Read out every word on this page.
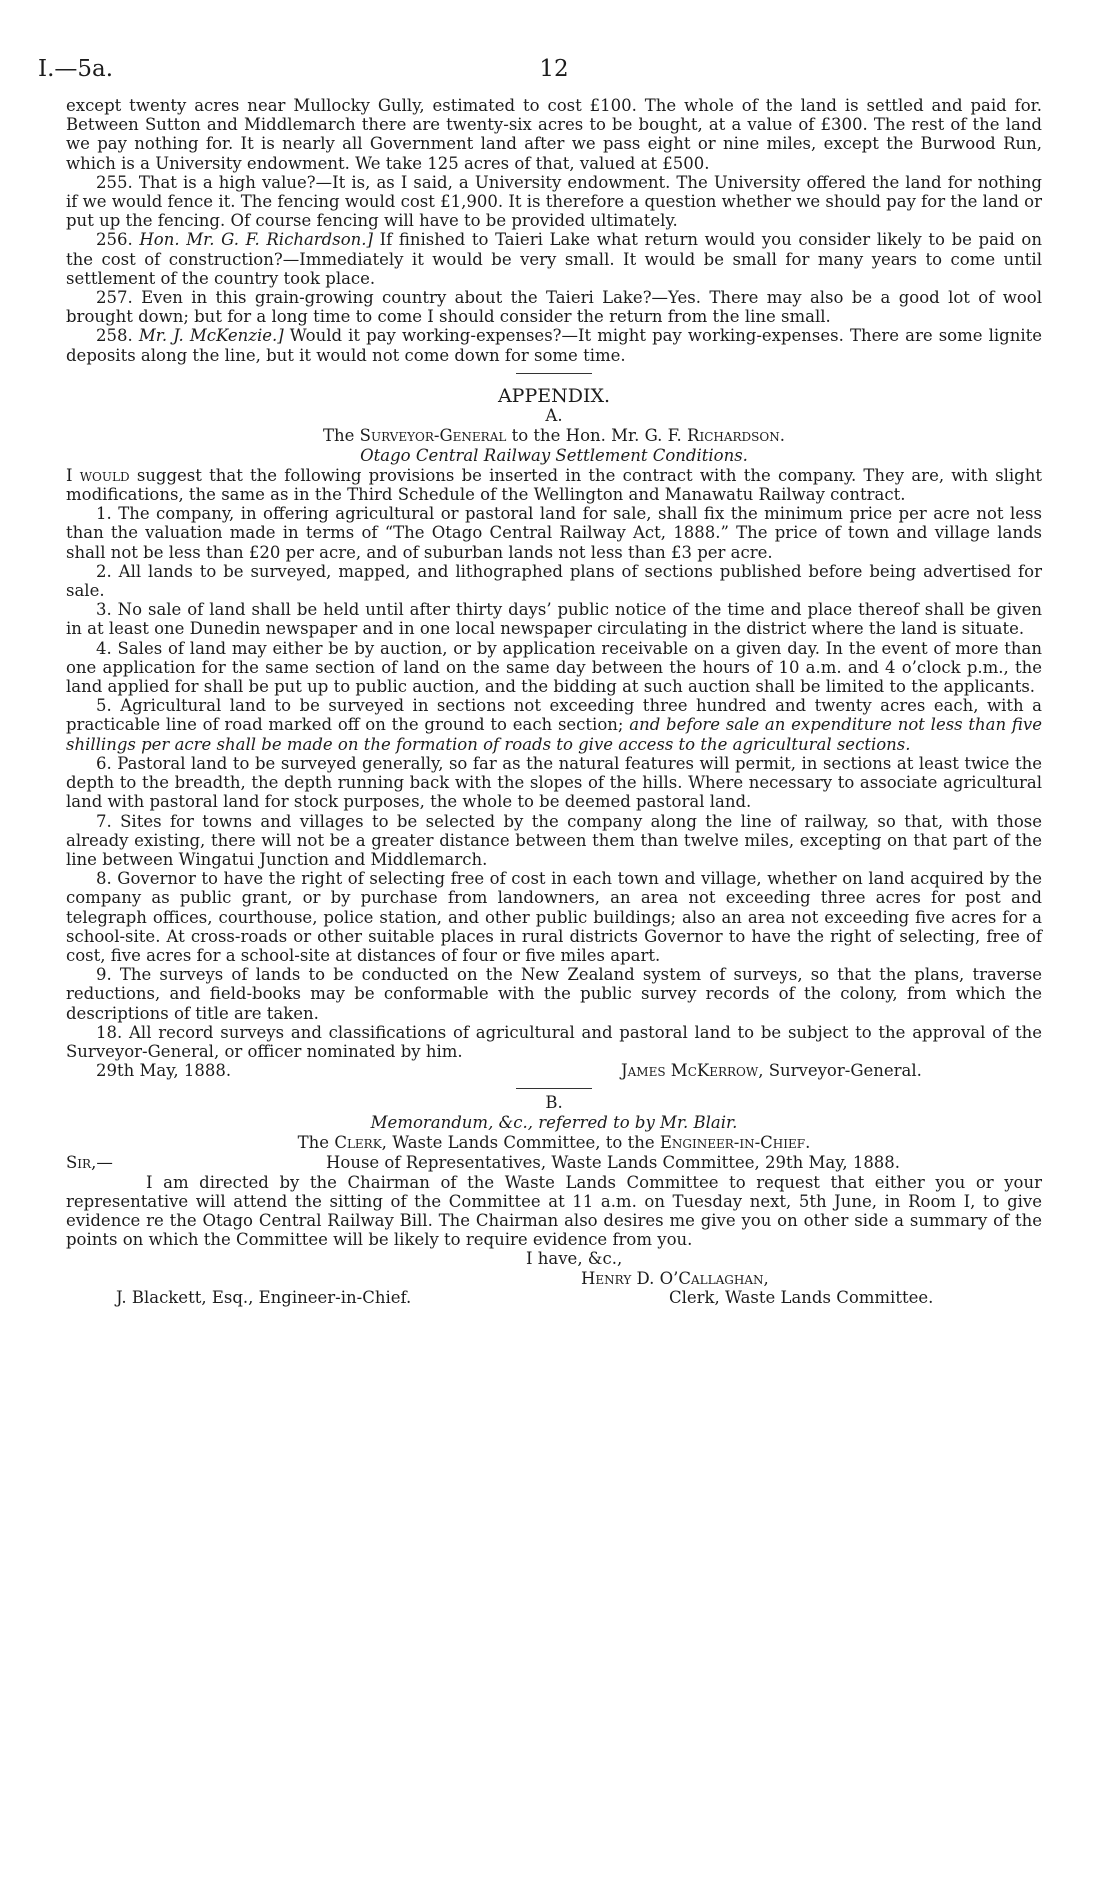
I.—5a.	12

except twenty acres near Mullocky Gully, estimated to cost £100. The whole of the land is settled and paid for. Between Sutton and Middlemarch there are twenty-six acres to be bought, at a value of £300. The rest of the land we pay nothing for. It is nearly all Government land after we pass eight or nine miles, except the Burwood Run, which is a University endowment. We take 125 acres of that, valued at £500.

255. That is a high value?—It is, as I said, a University endowment. The University offered the land for nothing if we would fence it. The fencing would cost £1,900. It is therefore a question whether we should pay for the land or put up the fencing. Of course fencing will have to be provided ultimately.

256. Hon. Mr. G. F. Richardson.] If finished to Taieri Lake what return would you consider likely to be paid on the cost of construction?—Immediately it would be very small. It would be small for many years to come until settlement of the country took place.

257. Even in this grain-growing country about the Taieri Lake?—Yes. There may also be a good lot of wool brought down; but for a long time to come I should consider the return from the line small.

258. Mr. J. McKenzie.] Would it pay working-expenses?—It might pay working-expenses. There are some lignite deposits along the line, but it would not come down for some time.

APPENDIX.

A.

The Surveyor-General to the Hon. Mr. G. F. Richardson.

Otago Central Railway Settlement Conditions.

I would suggest that the following provisions be inserted in the contract with the company. They are, with slight modifications, the same as in the Third Schedule of the Wellington and Manawatu Railway contract.

1. The company, in offering agricultural or pastoral land for sale, shall fix the minimum price per acre not less than the valuation made in terms of “The Otago Central Railway Act, 1888.” The price of town and village lands shall not be less than £20 per acre, and of suburban lands not less than £3 per acre.

2. All lands to be surveyed, mapped, and lithographed plans of sections published before being advertised for sale.

3. No sale of land shall be held until after thirty days’ public notice of the time and place thereof shall be given in at least one Dunedin newspaper and in one local newspaper circulating in the district where the land is situate.

4. Sales of land may either be by auction, or by application receivable on a given day. In the event of more than one application for the same section of land on the same day between the hours of 10 a.m. and 4 o’clock p.m., the land applied for shall be put up to public auction, and the bidding at such auction shall be limited to the applicants.

5. Agricultural land to be surveyed in sections not exceeding three hundred and twenty acres each, with a practicable line of road marked off on the ground to each section; and before sale an expenditure not less than five shillings per acre shall be made on the formation of roads to give access to the agricultural sections.

6. Pastoral land to be surveyed generally, so far as the natural features will permit, in sections at least twice the depth to the breadth, the depth running back with the slopes of the hills. Where necessary to associate agricultural land with pastoral land for stock purposes, the whole to be deemed pastoral land.

7. Sites for towns and villages to be selected by the company along the line of railway, so that, with those already existing, there will not be a greater distance between them than twelve miles, excepting on that part of the line between Wingatui Junction and Middlemarch.

8. Governor to have the right of selecting free of cost in each town and village, whether on land acquired by the company as public grant, or by purchase from landowners, an area not exceeding three acres for post and telegraph offices, courthouse, police station, and other public buildings; also an area not exceeding five acres for a school-site. At cross-roads or other suitable places in rural districts Governor to have the right of selecting, free of cost, five acres for a school-site at distances of four or five miles apart.

9. The surveys of lands to be conducted on the New Zealand system of surveys, so that the plans, traverse reductions, and field-books may be conformable with the public survey records of the colony, from which the descriptions of title are taken.

18. All record surveys and classifications of agricultural and pastoral land to be subject to the approval of the Surveyor-General, or officer nominated by him.

29th May, 1888.	James McKerrow, Surveyor-General.

B.

Memorandum, &c., referred to by Mr. Blair.

The Clerk, Waste Lands Committee, to the Engineer-in-Chief.

Sir,—	House of Representatives, Waste Lands Committee, 29th May, 1888.

I am directed by the Chairman of the Waste Lands Committee to request that either you or your representative will attend the sitting of the Committee at 11 a.m. on Tuesday next, 5th June, in Room I, to give evidence re the Otago Central Railway Bill. The Chairman also desires me give you on other side a summary of the points on which the Committee will be likely to require evidence from you.

I have, &c.,
Henry D. O’Callaghan,
J. Blackett, Esq., Engineer-in-Chief.	Clerk, Waste Lands Committee.
